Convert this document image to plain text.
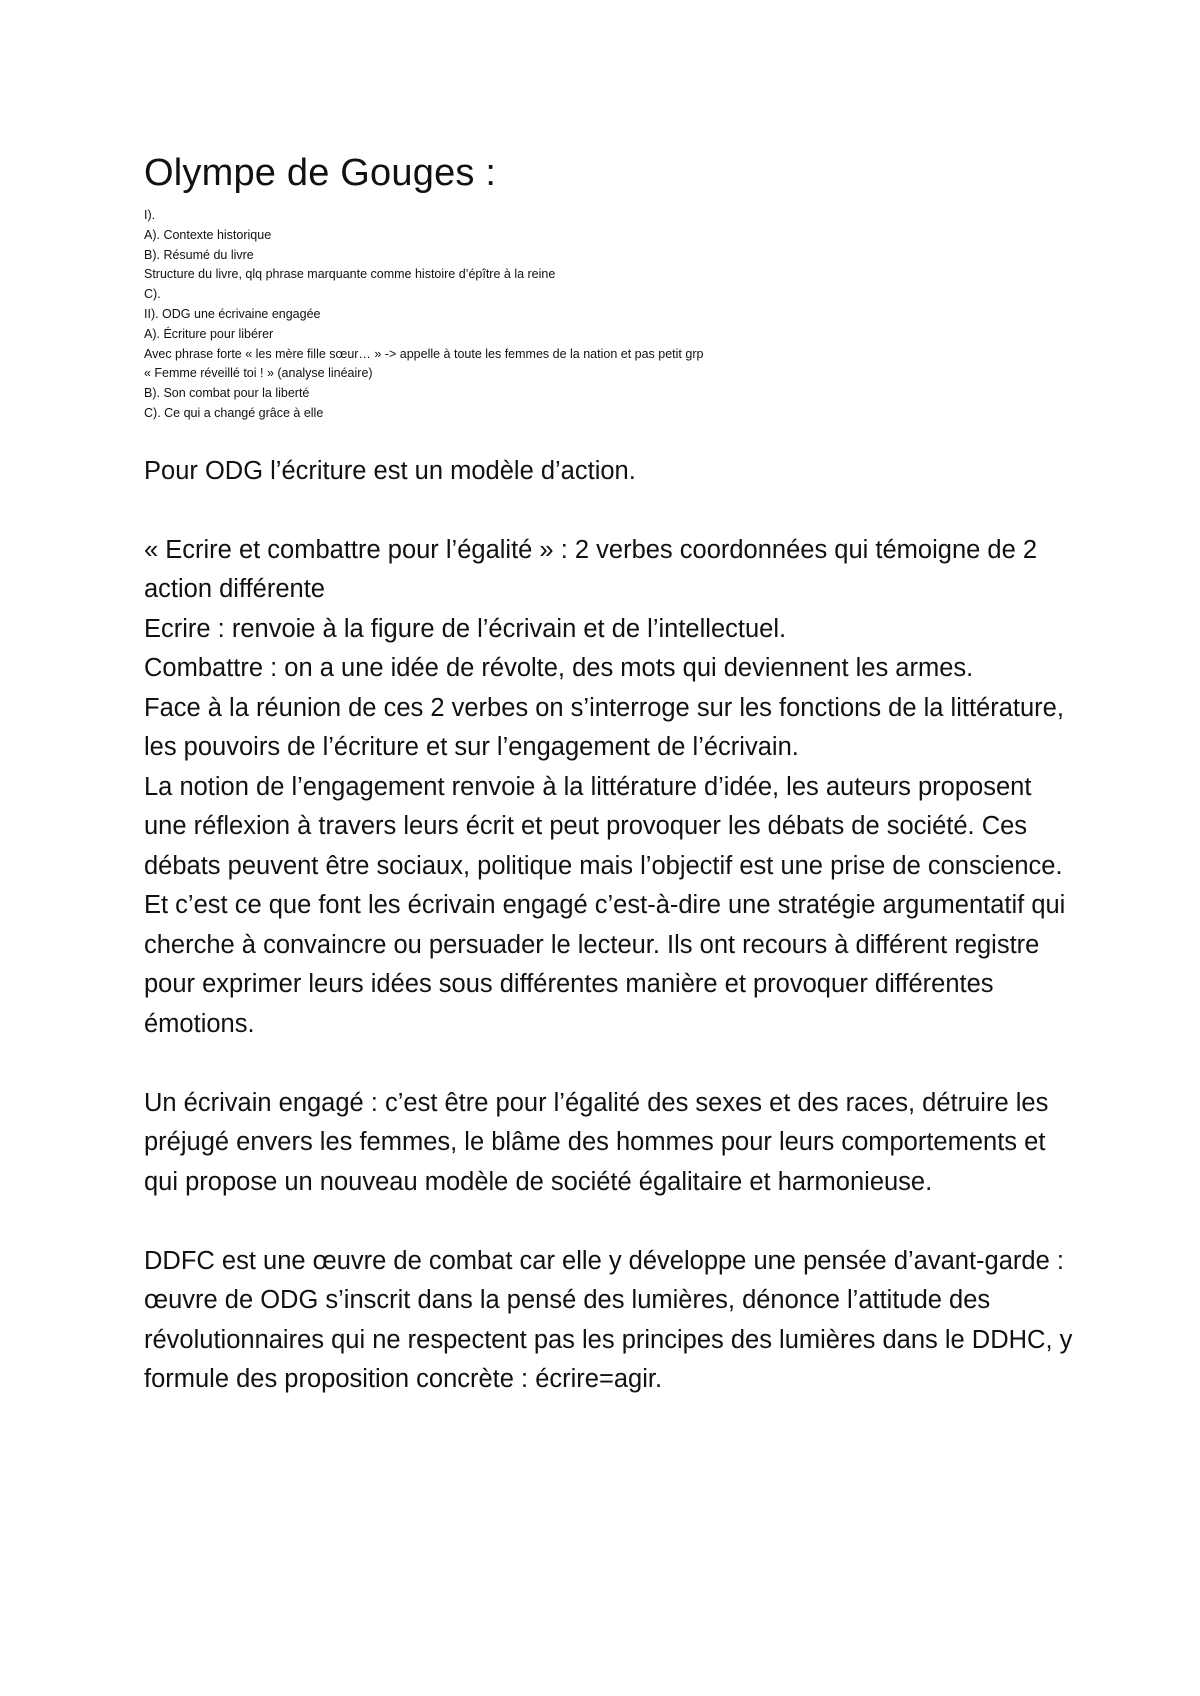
Olympe de Gouges :
I).
A). Contexte historique
B). Résumé du livre
Structure du livre, qlq phrase marquante comme histoire d’épître à la reine
C).
II). ODG une écrivaine engagée
A). Écriture pour libérer
Avec phrase forte « les mère fille sœur… » -> appelle à toute les femmes de la nation et pas petit grp
« Femme réveillé toi ! » (analyse linéaire)
B). Son combat pour la liberté
C). Ce qui a changé grâce à elle

Pour ODG l’écriture est un modèle d’action.

« Ecrire et combattre pour l’égalité » : 2 verbes coordonnées qui témoigne de 2 action différente

Ecrire : renvoie à la figure de l’écrivain et de l’intellectuel.

Combattre : on a une idée de révolte, des mots qui deviennent les armes.

Face à la réunion de ces 2 verbes on s’interroge sur les fonctions de la littérature, les pouvoirs de l’écriture et sur l’engagement de l’écrivain.

La notion de l’engagement renvoie à la littérature d’idée, les auteurs proposent une réflexion à travers leurs écrit et peut provoquer les débats de société. Ces débats peuvent être sociaux, politique mais l’objectif est une prise de conscience. Et c’est ce que font les écrivain engagé c’est-à-dire une stratégie argumentatif qui cherche à convaincre ou persuader le lecteur. Ils ont recours à différent registre pour exprimer leurs idées sous différentes manière et provoquer différentes émotions.

Un écrivain engagé : c’est être pour l’égalité des sexes et des races, détruire les préjugé envers les femmes, le blâme des hommes pour leurs comportements et qui propose un nouveau modèle de société égalitaire et harmonieuse.

DDFC est une œuvre de combat car elle y développe une pensée d’avant-garde : œuvre de ODG s’inscrit dans la pensé des lumières, dénonce l’attitude des révolutionnaires qui ne respectent pas les principes des lumières dans le DDHC, y formule des proposition concrète : écrire=agir.
